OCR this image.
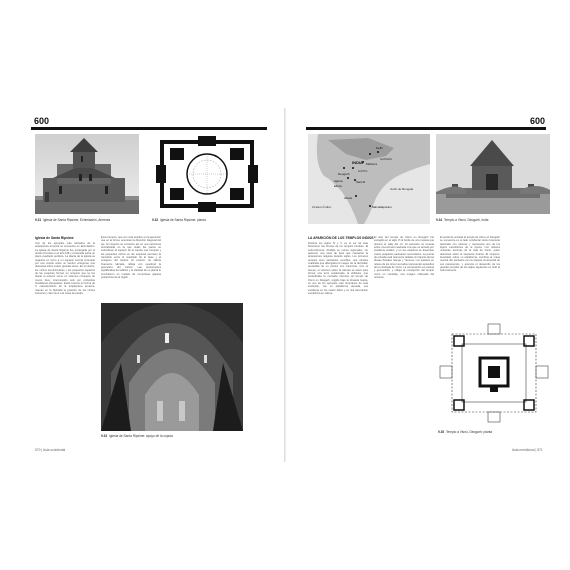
600
9.31 Iglesia de Santa Ripsime, Echmiadzín, Armenia	9.32 Iglesia de Santa Ripsime: planta
Iglesia de Santa Ripsime
Uno de los ejemplos más refinados de la arquitectura armenia se encuentra en Echmiadzín. La iglesia de Santa Ripsime fue encargada por el obispo Komitas en el año 618 y construida sobre un plano cuadrado perfecto. La planta de la iglesia se organiza en torno a un espacio central coronado por una cúpula sobre un tambor octogonal, que descansa sobre cuatro grandes arcos. En el interior, los nichos semicirculares y los pequeños espacios de las esquinas forman un conjunto que se lee desde el exterior como un volumen compacto de muros lisos, interrumpido solo por profundas hendiduras triangulares. Estos huecos en forma de V, característicos de la arquitectura armenia, marcan en la fachada la posición de los nichos interiores y dan ritmo a la masa de piedra.
Esos tiempos, que son más amplios en la ejecución que en la forma, acentúan la dirección diagonal del eje. El conjunto se convierte así en una estructura centralizada en la que todas las partes se subordinan al espacio de la cúpula. Las trompas y los pequeños nichos en las esquinas permiten la transición entre el cuadrado de la base y el octógono del tambor. El exterior, de sillería finamente labrada, refleja con exactitud la geometría del interior. Las proporciones equilibradas del edificio y la claridad de su planta lo convirtieron en modelo de numerosas iglesias posteriores de la región.
9.33 Iglesia de Santa Ripsime: apoyo de la cúpula
570 | Asia occidental
600
Delhi
GANGES
Mathura
INDIA
GUPTA
Deogarh
Sanchi
Ajanta
Ellora
Aihole
Mamallapuram
Golfo de Bengala
Océano Índico
9.34 Templo a Visnú, Deogarh, India
LA APARICIÓN DE LOS TEMPLOS INDIOS
Durante los siglos IV y V, en el sur de Asia florecieron las formas de los templos hindúes. El subcontinente, dividido en reinos regionales, vio aparecer una serie de tipos que marcarían la arquitectura religiosa durante siglos. Los primeros templos eran santuarios sencillos, una cámara cuadrada que albergaba la imagen de la divinidad, precedida de un pórtico con columnas. Con el tiempo, el volumen sobre la cámara se elevó para formar una torre escalonada, la shikhara, que simbolizaba la montaña cósmica. El templo de Visnú en Deogarh, erigido bajo la dinastía Gupta, es uno de los ejemplos más tempranos de esta evolución, con su plataforma elevada, sus escaleras en los cuatro lados y su rica decoración escultórica en relieve.
El sitio del templo de Visnú en Deogarh fue escogido en el siglo VI al borde de una meseta que domina el valle del río. El santuario se levanta sobre una terraza cuadrada a la que se accede por escaleras axiales, y en sus esquinas se disponían cuatro pequeños santuarios secundarios. La puerta de entrada está ricamente tallada con figuras de las diosas fluviales Ganga y Yamuna. Los paneles en relieve de los otros tres lados representan episodios de la mitología de Visnú. La composición es precisa y geométrica, y refleja la concepción del templo como un mandala, una imagen ordenada del universo.
El portal de entrada al templo de Visnú en Deogarh se encuentra en el lado occidental. Está ricamente decorado con relieves y representa uno de los logros escultóricos de la época. Los relieves muestran escenas de la vida de Visnú, quien descansa sobre la serpiente Ananta. El conjunto, levantado sobre su plataforma, combina la masa maciza del santuario con la riqueza ornamental de sus paramentos, y anuncia el desarrollo de los grandes templos de los siglos siguientes en todo el subcontinente.
9.35 Templo a Visnú, Deogarh: planta
Asia meridional | 571
